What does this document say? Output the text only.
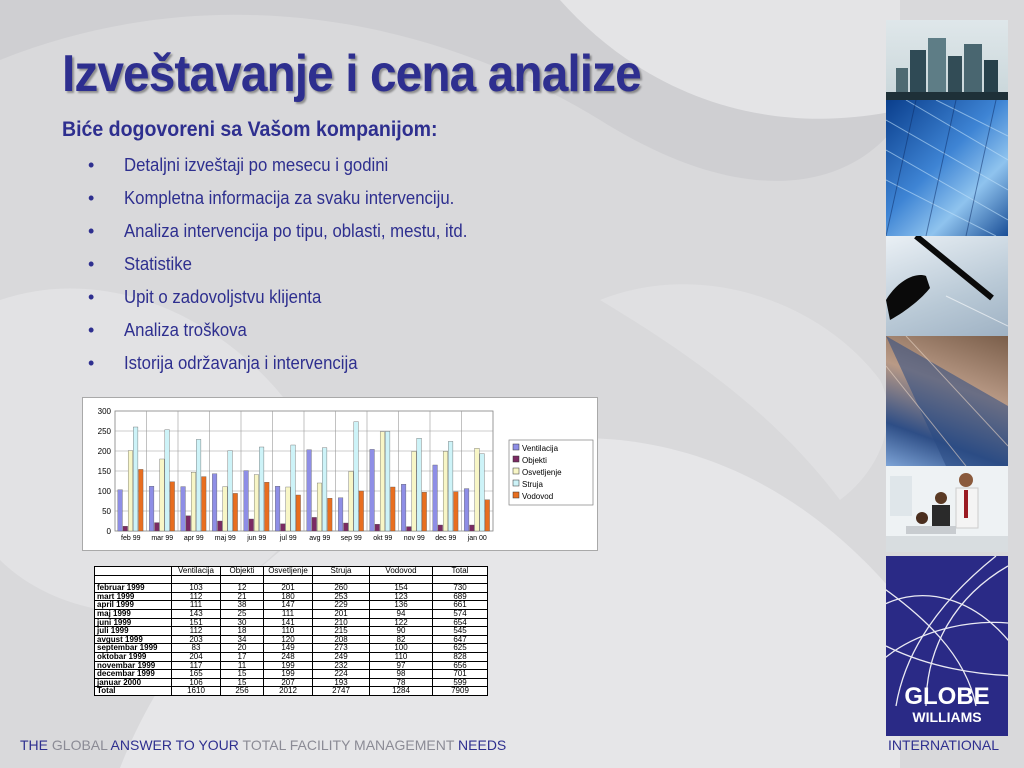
Izveštavanje i cena analize
Biće dogovoreni sa Vašom kompanijom:
• Detaljni izveštaji po mesecu i godini
• Kompletna informacija za svaku intervenciju.
• Analiza intervencija po tipu, oblasti, mestu, itd.
• Statistike
• Upit o zadovoljstvu klijenta
• Analiza troškova
• Istorija održavanja i intervencija
0
50
100
150
200
250
300
feb 99 mar 99 apr 99 maj 99 jun 99 jul 99 avg 99 sep 99 okt 99 nov 99 dec 99 jan 00
Ventilacija
Objekti
Osvetljenje
Struja
Vodovod
	Ventilacija	Objekti	Osvetljenje	Struja	Vodovod	Total

februar 1999	103	12	201	260	154	730
mart 1999	112	21	180	253	123	689
april 1999	111	38	147	229	136	661
maj 1999	143	25	111	201	94	574
juni 1999	151	30	141	210	122	654
juli 1999	112	18	110	215	90	545
avgust 1999	203	34	120	208	82	647
septembar 1999	83	20	149	273	100	625
oktobar 1999	204	17	248	249	110	828
novembar 1999	117	11	199	232	97	656
decembar 1999	165	15	199	224	98	701
januar 2000	106	15	207	193	78	599
Total	1610	256	2012	2747	1284	7909	GLOBE
WILLIAMS
THE GLOBAL ANSWER TO YOUR TOTAL FACILITY MANAGEMENT NEEDS	INTERNATIONAL
